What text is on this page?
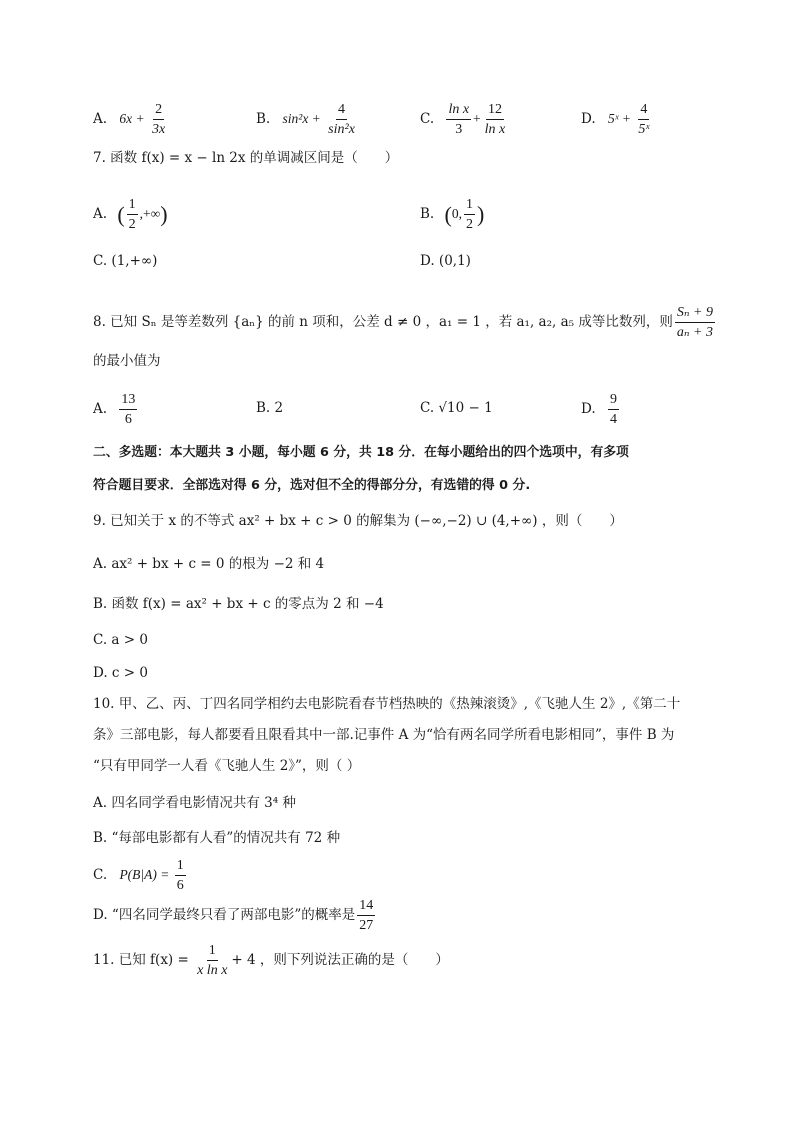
A. $6x + \frac{2}{3x}$	B. $\sin^2x + \frac{4}{\text{sin²x}}$	C. $\frac{\text{ln x}}{3} + \frac{12}{\text{ln x}}$	D. 5ˣ + $\frac{4}{\text{5ˣ}}$
7. 函数 f(x) = x − ln 2x 的单调减区间是（　　）
A. ( $\frac{1}{2}$ ,+∞)	B. (0, $\frac{1}{2}$ )
C. (1,+∞)	D. (0,1)
8. 已知 Sₙ 是等差数列 {aₙ} 的前 n 项和，公差 d ≠ 0 ，a₁ = 1 ，若 a₁, a₂, a₅ 成等比数列，则 $\frac{\text{Sₙ + 9}}{\text{aₙ + 3}}$
的最小值为
A. $\frac{13}{6}$	B. 2	C. √10 − 1	D. $\frac{9}{4}$
二、多选题：本大题共 3 小题，每小题 6 分，共 18 分．在每小题给出的四个选项中，有多项
符合题目要求．全部选对得 6 分，选对但不全的得部分分，有选错的得 0 分.
9. 已知关于 x 的不等式 ax² + bx + c > 0 的解集为 (−∞,−2) ∪ (4,+∞) ，则（　　）
A. ax² + bx + c = 0 的根为 −2 和 4
B. 函数 f(x) = ax² + bx + c 的零点为 2 和 −4
C. a > 0
D. c > 0
10. 甲、乙、丙、丁四名同学相约去电影院看春节档热映的《热辣滚烫》,《飞驰人生 2》,《第二十
条》三部电影，每人都要看且限看其中一部.记事件 A 为“恰有两名同学所看电影相同”，事件 B 为
“只有甲同学一人看《飞驰人生 2》”，则（ ）
A. 四名同学看电影情况共有 3⁴ 种
B. “每部电影都有人看”的情况共有 72 种
C. $P(B|A) = \frac{1}{6}$
D. “四名同学最终只看了两部电影”的概率是 $\frac{14}{27}$
11. 已知 $f(x) = \frac{1}{\text{x ln x}} + 4$ ，则下列说法正确的是（　　）
